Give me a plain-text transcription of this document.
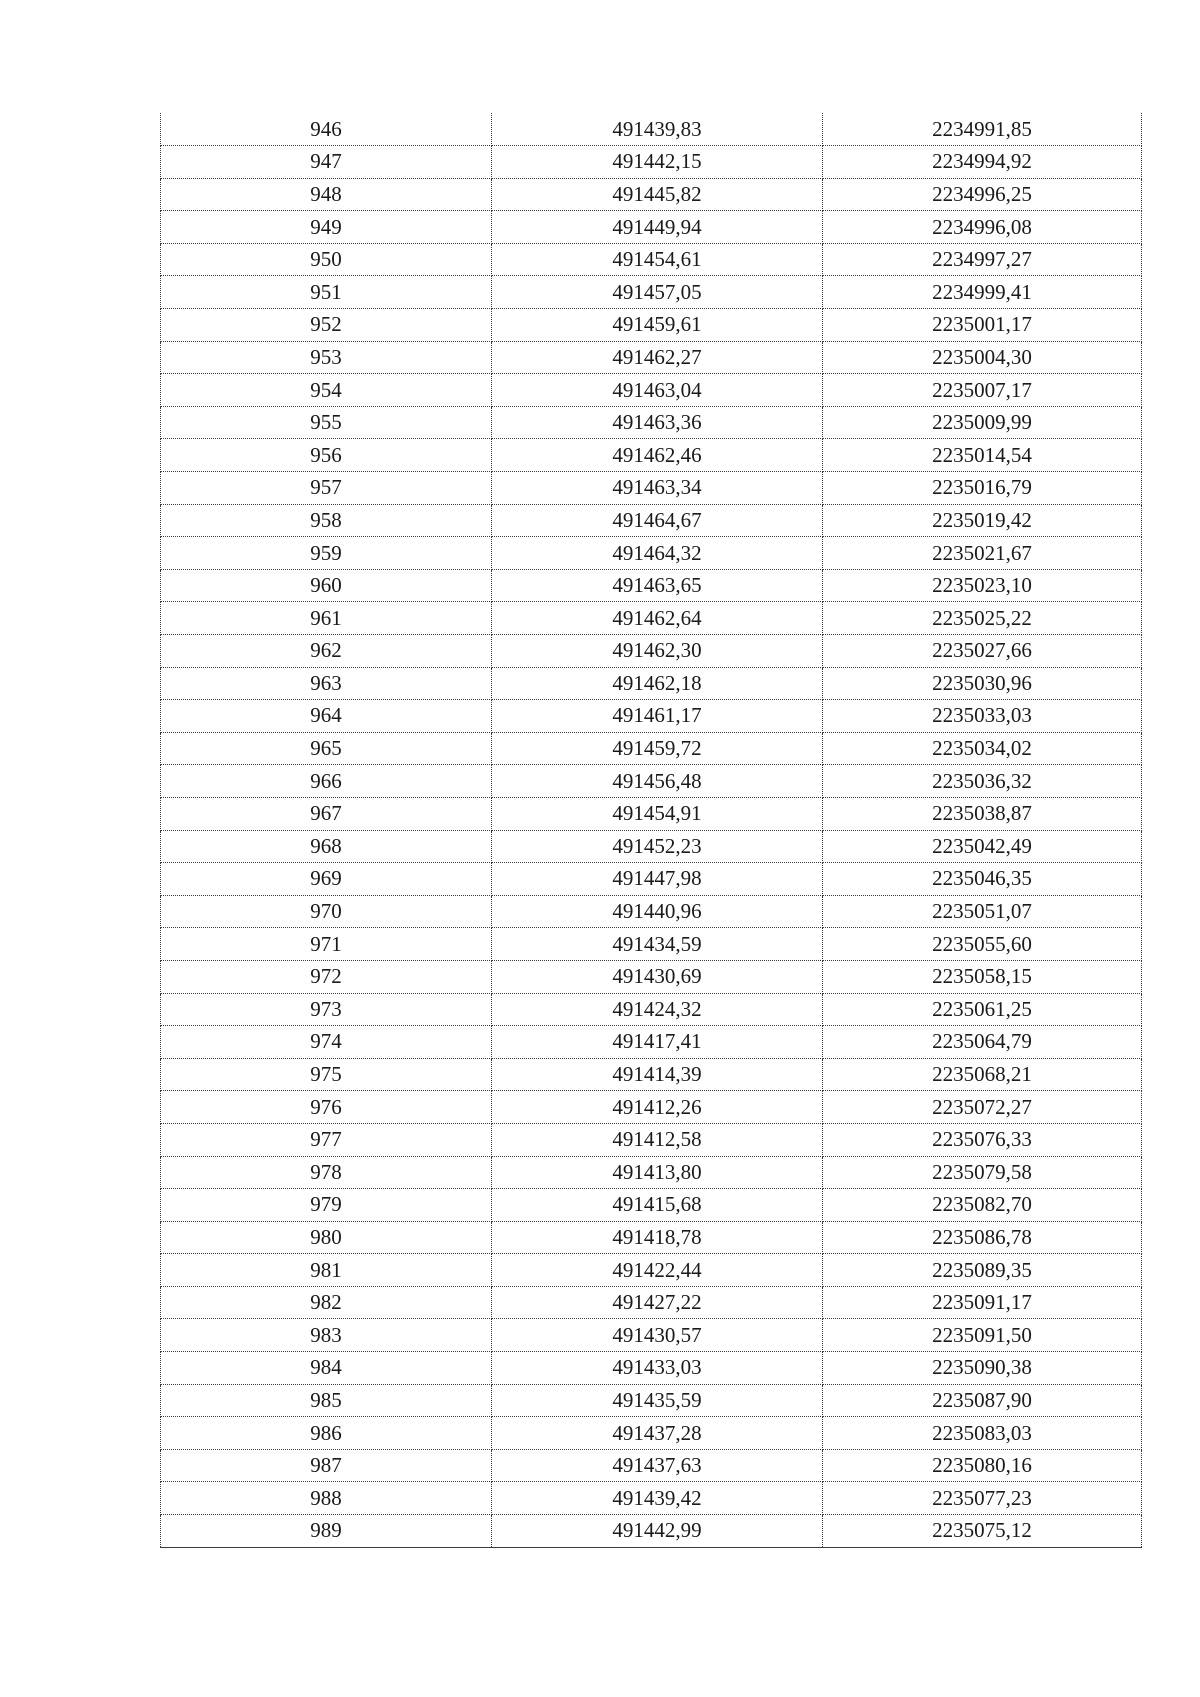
946	491439,83	2234991,85
947	491442,15	2234994,92
948	491445,82	2234996,25
949	491449,94	2234996,08
950	491454,61	2234997,27
951	491457,05	2234999,41
952	491459,61	2235001,17
953	491462,27	2235004,30
954	491463,04	2235007,17
955	491463,36	2235009,99
956	491462,46	2235014,54
957	491463,34	2235016,79
958	491464,67	2235019,42
959	491464,32	2235021,67
960	491463,65	2235023,10
961	491462,64	2235025,22
962	491462,30	2235027,66
963	491462,18	2235030,96
964	491461,17	2235033,03
965	491459,72	2235034,02
966	491456,48	2235036,32
967	491454,91	2235038,87
968	491452,23	2235042,49
969	491447,98	2235046,35
970	491440,96	2235051,07
971	491434,59	2235055,60
972	491430,69	2235058,15
973	491424,32	2235061,25
974	491417,41	2235064,79
975	491414,39	2235068,21
976	491412,26	2235072,27
977	491412,58	2235076,33
978	491413,80	2235079,58
979	491415,68	2235082,70
980	491418,78	2235086,78
981	491422,44	2235089,35
982	491427,22	2235091,17
983	491430,57	2235091,50
984	491433,03	2235090,38
985	491435,59	2235087,90
986	491437,28	2235083,03
987	491437,63	2235080,16
988	491439,42	2235077,23
989	491442,99	2235075,12
